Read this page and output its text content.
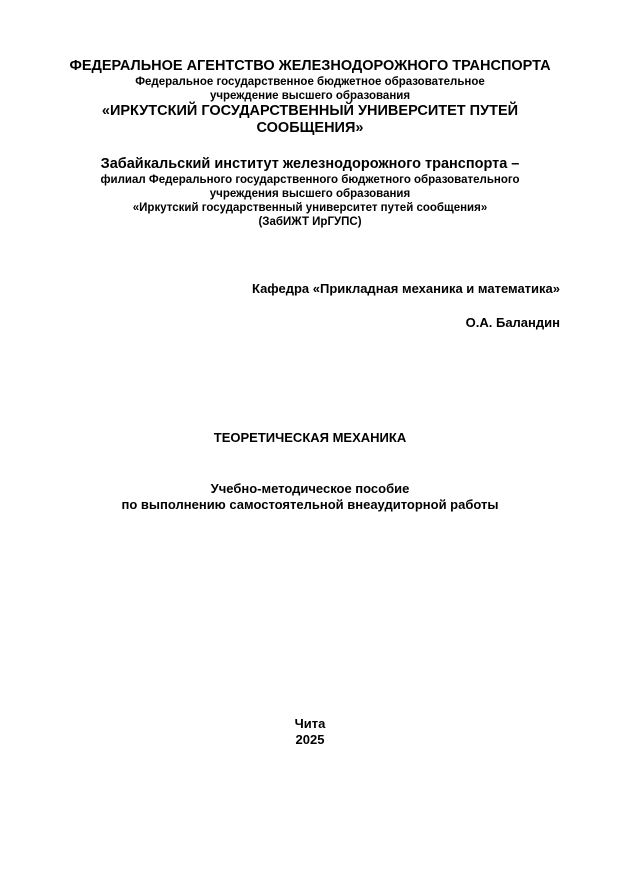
ФЕДЕРАЛЬНОЕ АГЕНТСТВО ЖЕЛЕЗНОДОРОЖНОГО ТРАНСПОРТА
Федеральное государственное бюджетное образовательное
учреждение высшего образования
«ИРКУТСКИЙ ГОСУДАРСТВЕННЫЙ УНИВЕРСИТЕТ ПУТЕЙ
СООБЩЕНИЯ»
Забайкальский институт железнодорожного транспорта –
филиал Федерального государственного бюджетного образовательного
учреждения высшего образования
«Иркутский государственный университет путей сообщения»
(ЗабИЖТ ИрГУПС)
Кафедра «Прикладная механика и математика»
О.А. Баландин
ТЕОРЕТИЧЕСКАЯ МЕХАНИКА
Учебно-методическое пособие
по выполнению самостоятельной внеаудиторной работы
Чита
2025
